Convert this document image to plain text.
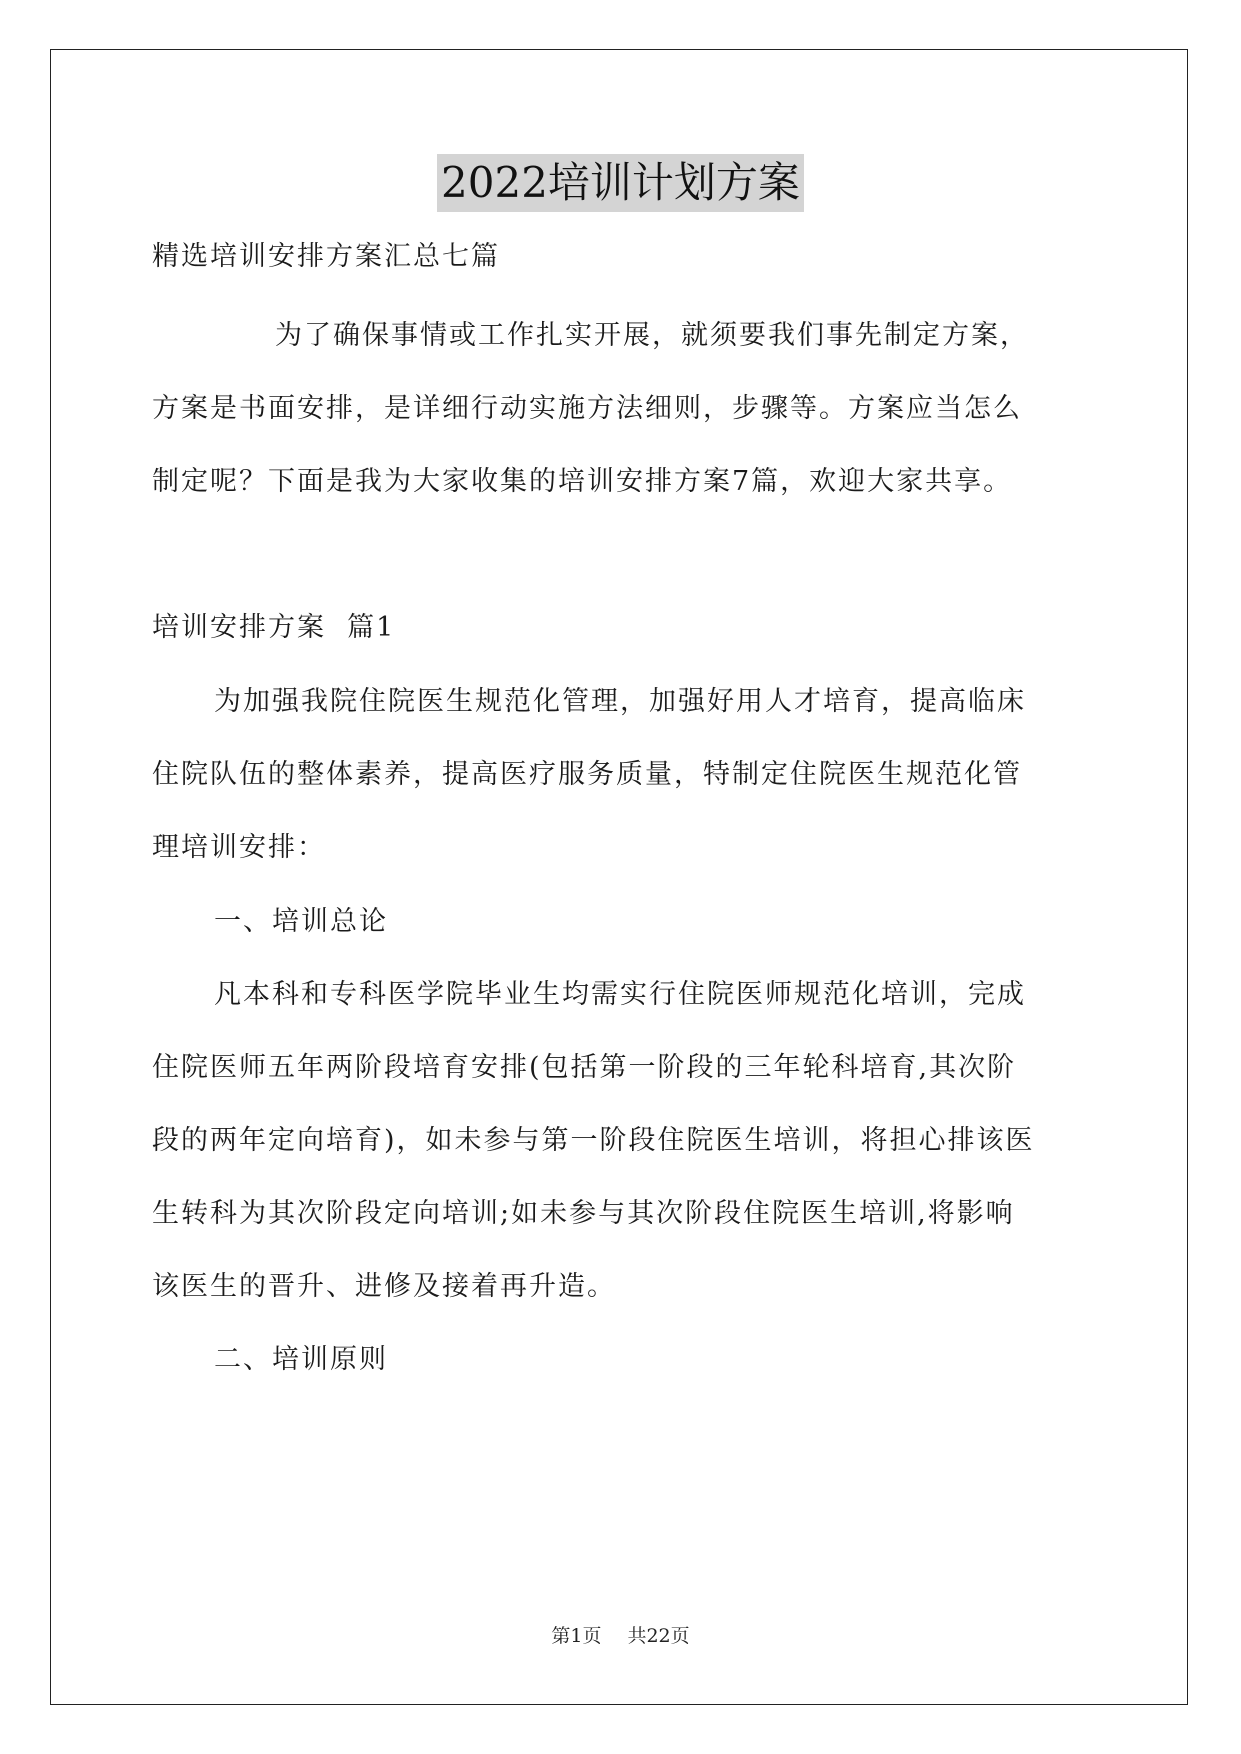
2022培训计划方案
精选培训安排方案汇总七篇
为了确保事情或工作扎实开展，就须要我们事先制定方案，
方案是书面安排，是详细行动实施方法细则，步骤等。方案应当怎么
制定呢？下面是我为大家收集的培训安排方案7篇，欢迎大家共享。
培训安排方案  篇1
为加强我院住院医生规范化管理，加强好用人才培育，提高临床
住院队伍的整体素养，提高医疗服务质量，特制定住院医生规范化管
理培训安排：
一、培训总论
凡本科和专科医学院毕业生均需实行住院医师规范化培训，完成
住院医师五年两阶段培育安排(包括第一阶段的三年轮科培育,其次阶
段的两年定向培育)，如未参与第一阶段住院医生培训，将担心排该医
生转科为其次阶段定向培训;如未参与其次阶段住院医生培训,将影响
该医生的晋升、进修及接着再升造。
二、培训原则
第1页 共22页
